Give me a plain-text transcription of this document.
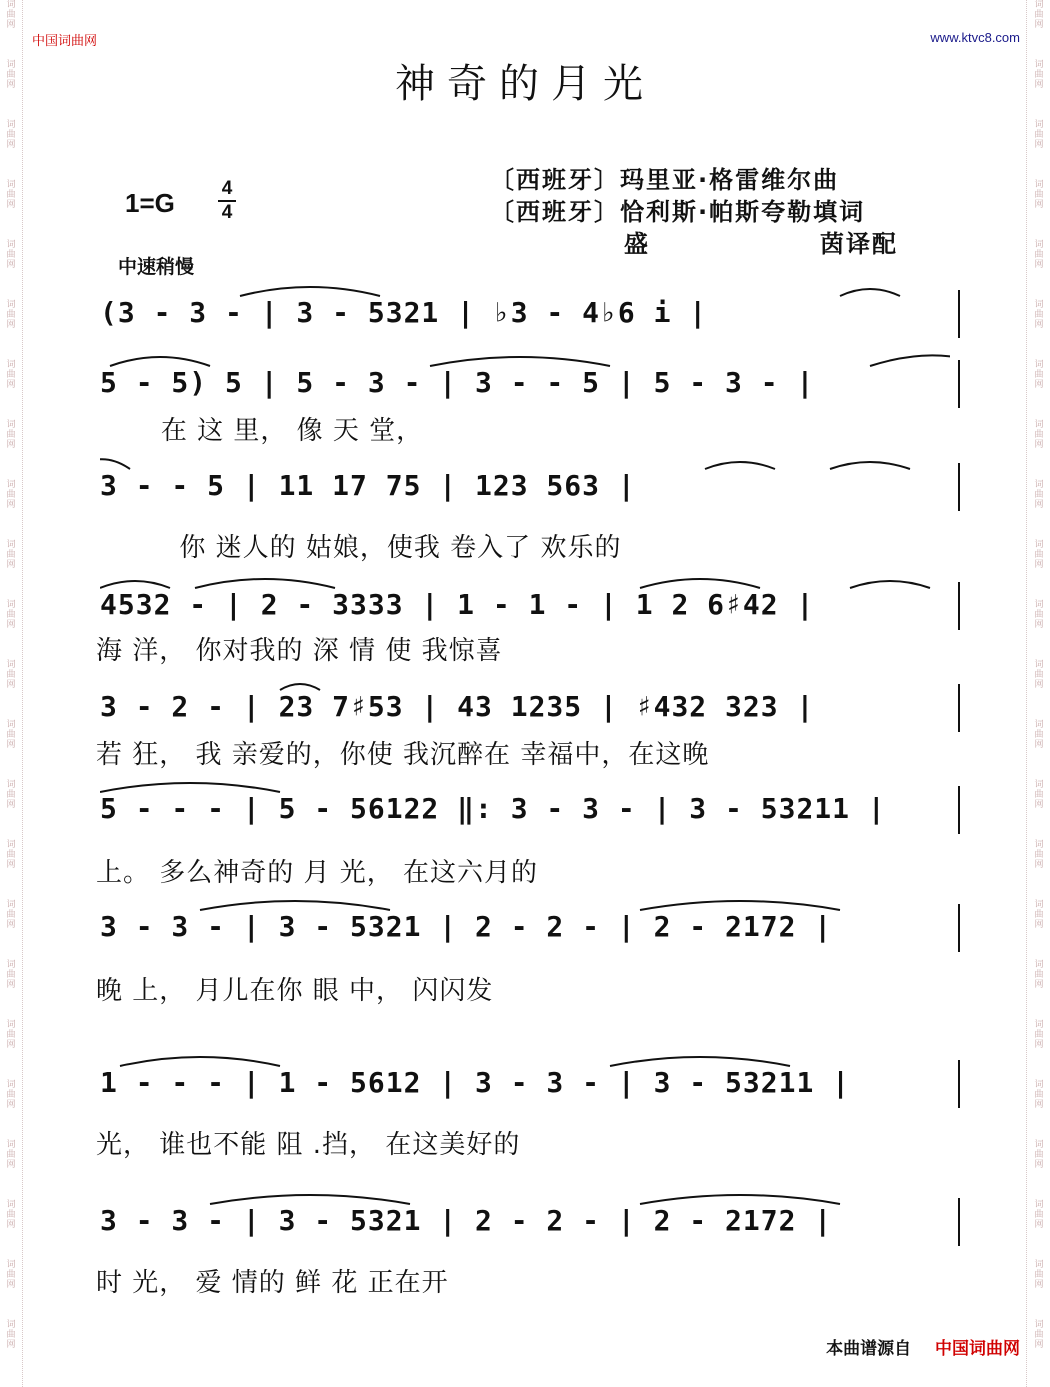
词
曲
网
词
曲
网
词
曲
网
词
曲
网
词
曲
网
词
曲
网
词
曲
网
词
曲
网
词
曲
网
词
曲
网
词
曲
网
词
曲
网
词
曲
网
词
曲
网
词
曲
网
词
曲
网
词
曲
网
词
曲
网
词
曲
网
词
曲
网
词
曲
网
词
曲
网
词
曲
网
词
曲
网
词
曲
网
词
曲
网
词
曲
网
词
曲
网
词
曲
网
词
曲
网
词
曲
网
词
曲
网
词
曲
网
词
曲
网
词
曲
网
词
曲
网
词
曲
网
词
曲
网
词
曲
网
词
曲
网
词
曲
网
词
曲
网
词
曲
网
词
曲
网
词
曲
网
词
曲
网
中国词曲网	www.ktvc8.com
神奇的月光
1=G 4
4
〔西班牙〕玛里亚·格雷维尔曲
〔西班牙〕恰利斯·帕斯夸勒填词
盛	茵译配
中速稍慢
(3 - 3 - | 3 - 5321 | ♭3 - 4♭6 i |
5 - 5) 5 | 5 - 3 - | 3 - - 5 | 5 - 3 - |
在 这 里， 像 天 堂，
3 - - 5 | 11 17 75 | 123 563 |
你 迷人的 姑娘，使我 卷入了 欢乐的
4532 - | 2 - 3333 | 1 - 1 - | 1 2 6♯42 |
海 洋， 你对我的 深 情 使 我惊喜
3 - 2 - | 23 7♯53 | 43 1235 | ♯432 323 |
若 狂， 我 亲爱的，你使 我沉醉在 幸福中，在这晚
5 - - - | 5 - 56122 ‖: 3 - 3 - | 3 - 53211 |
上。 多么神奇的 月 光， 在这六月的
3 - 3 - | 3 - 5321 | 2 - 2 - | 2 - 2172 |
晚 上， 月儿在你 眼 中， 闪闪发
1 - - - | 1 - 5612 | 3 - 3 - | 3 - 53211 |
光， 谁也不能 阻 .挡， 在这美好的
3 - 3 - | 3 - 5321 | 2 - 2 - | 2 - 2172 |
时 光， 爱 情的 鲜 花 正在开
本曲谱源自 中国词曲网
